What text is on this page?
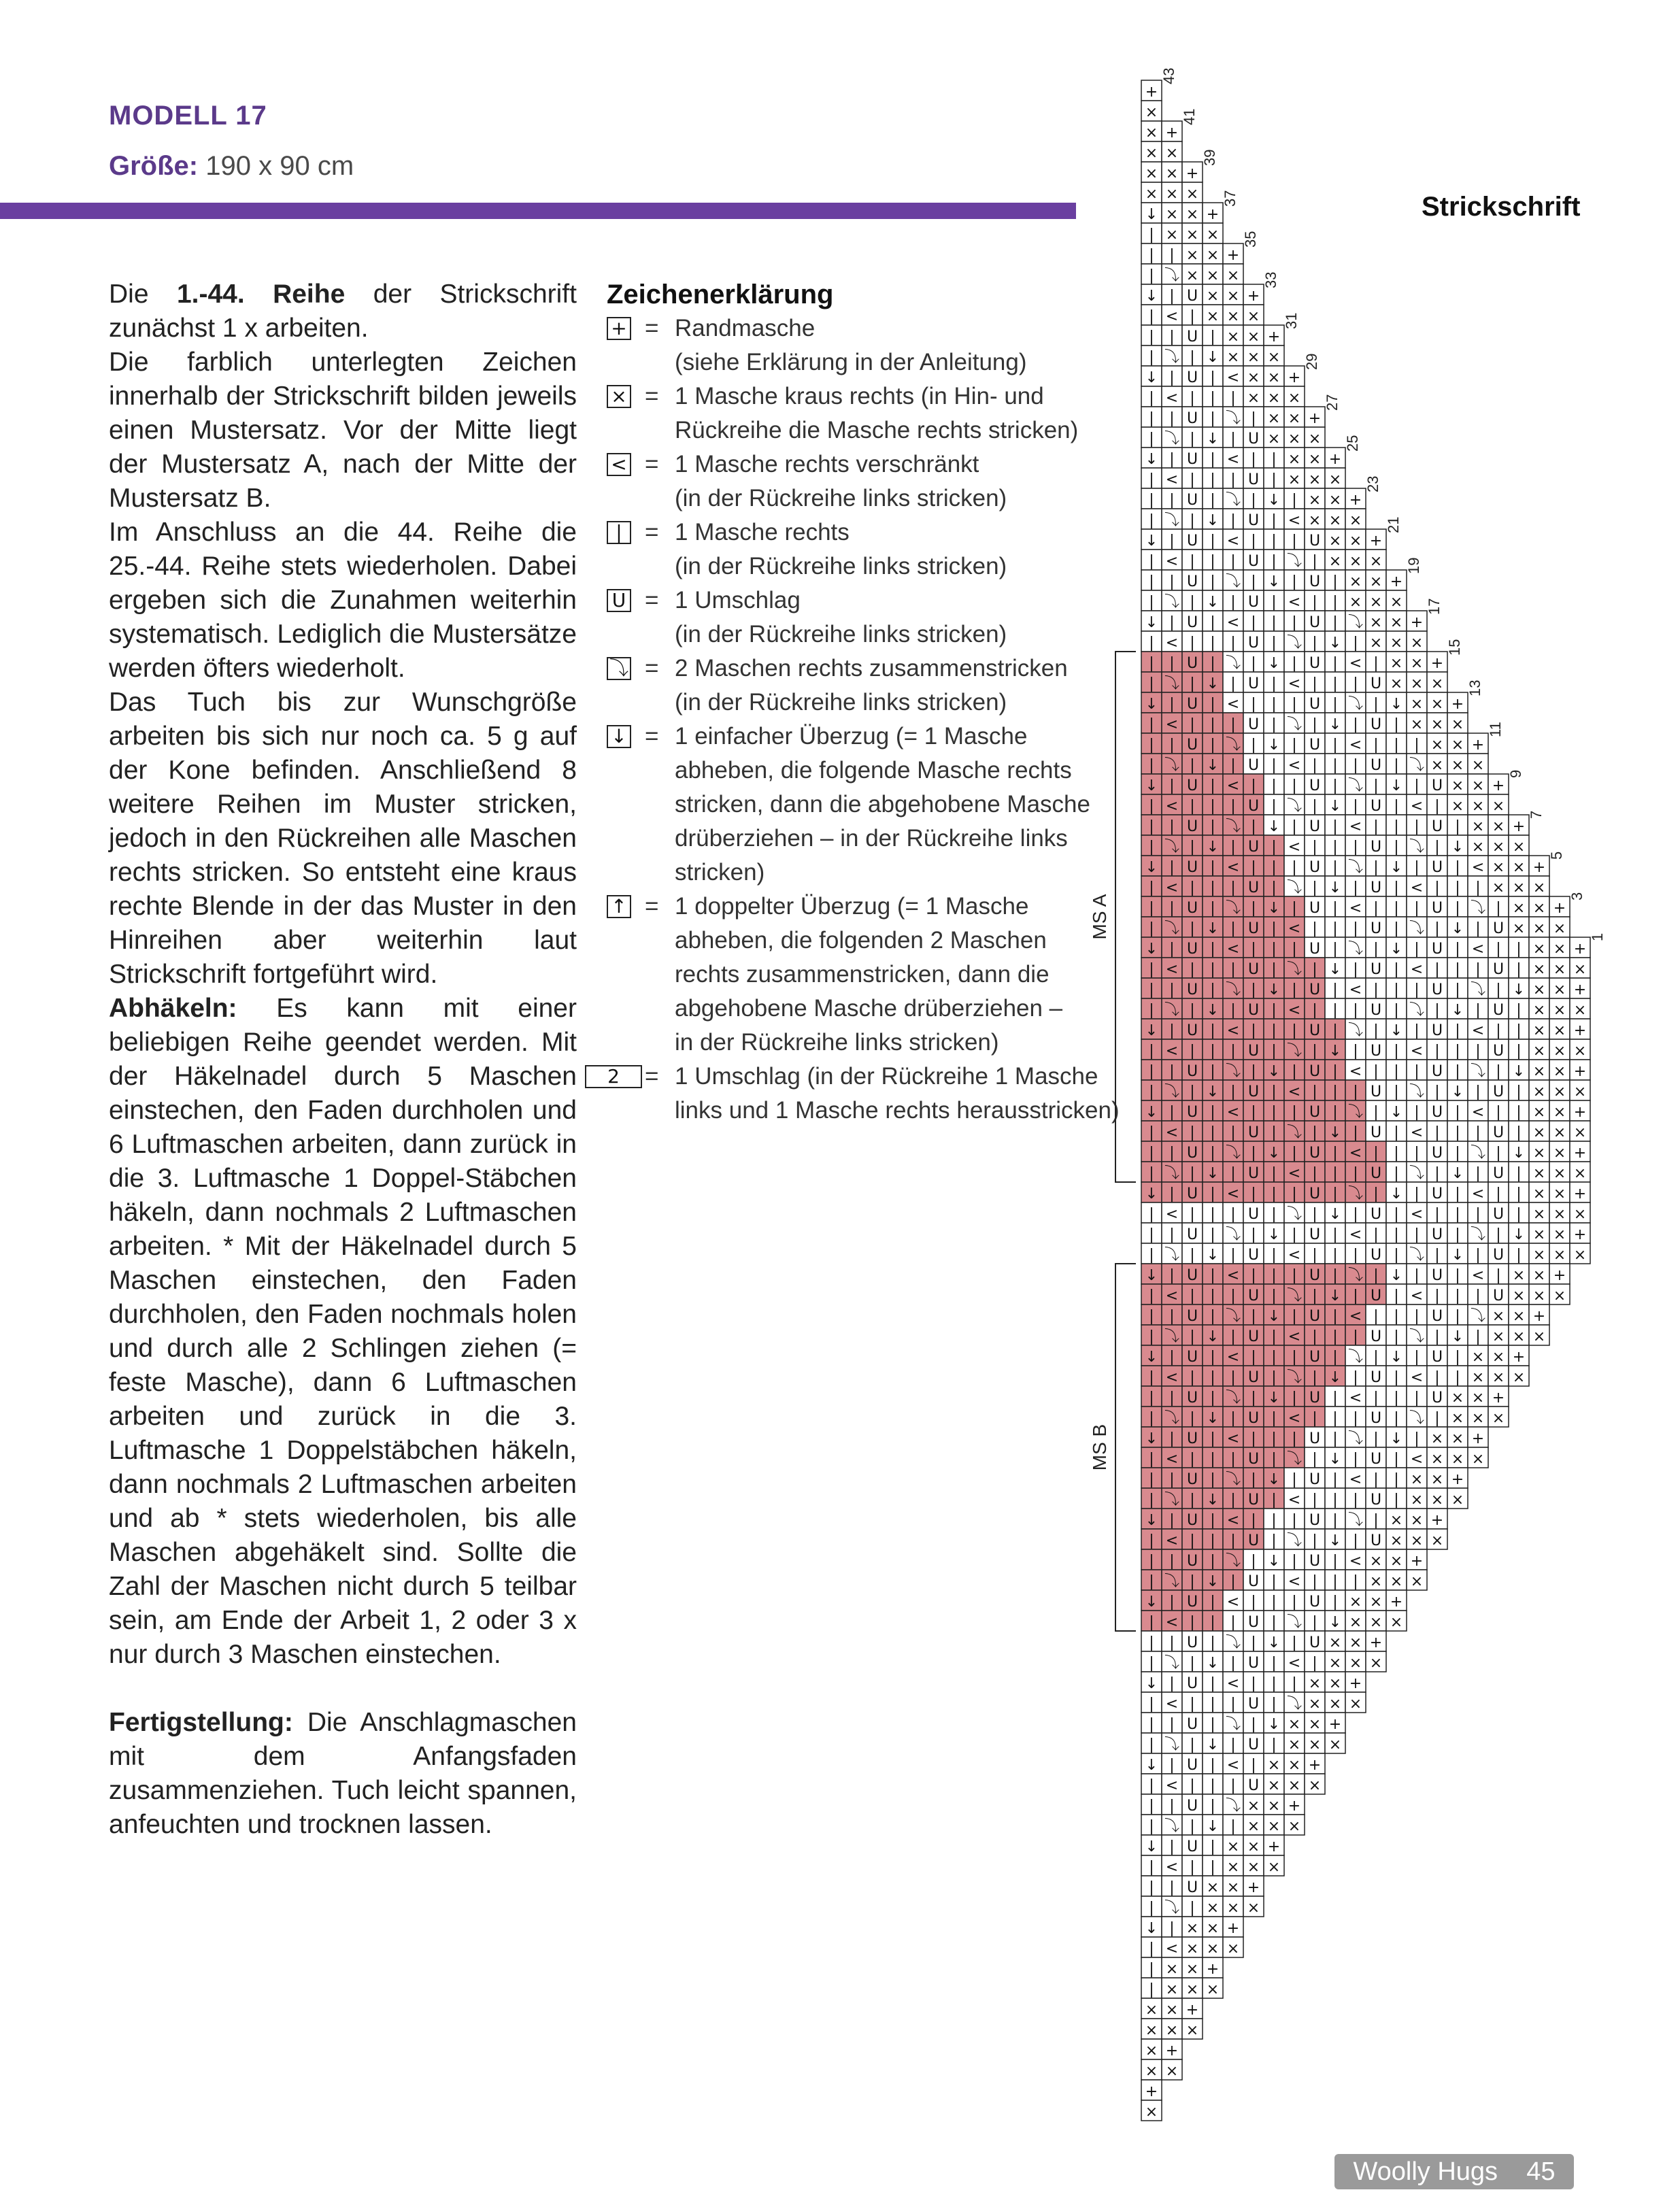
MODELL 17
Größe: 190 x 90 cm

Die 1.-44. Reihe der Strickschrift zunächst 1 x arbeiten.

Die farblich unterlegten Zeichen innerhalb der Strickschrift bilden jeweils einen Mustersatz. Vor der Mitte liegt der Mustersatz A, nach der Mitte der Mustersatz B.

Im Anschluss an die 44. Reihe die 25.-44. Reihe stets wiederholen. Dabei ergeben sich die Zunahmen weiterhin systematisch. Lediglich die Mustersätze werden öfters wiederholt.

Das Tuch bis zur Wunschgröße arbeiten bis sich nur noch ca. 5 g auf der Kone befinden. Anschließend 8 weitere Reihen im Muster stricken, jedoch in den Rückreihen alle Maschen rechts stricken. So entsteht eine kraus rechte Blende in der das Muster in den Hinreihen aber weiterhin laut Strickschrift fortgeführt wird.

Abhäkeln: Es kann mit einer beliebigen Reihe geendet werden. Mit der Häkelnadel durch 5 Maschen einstechen, den Faden durchholen und 6 Luftmaschen arbeiten, dann zurück in die 3. Luftmasche 1 Doppel-Stäbchen häkeln, dann nochmals 2 Luftmaschen arbeiten. * Mit der Häkelnadel durch 5 Maschen einstechen, den Faden durchholen, den Faden nochmals holen und durch alle 2 Schlingen ziehen (= feste Masche), dann 6 Luftmaschen arbeiten und zurück in die 3. Luftmasche 1 Doppelstäbchen häkeln, dann nochmals 2 Luftmaschen arbeiten und ab * stets wiederholen, bis alle Maschen abgehäkelt sind. Sollte die Zahl der Maschen nicht durch 5 teilbar sein, am Ende der Arbeit 1, 2 oder 3 x nur durch 3 Maschen einstechen.

Fertigstellung: Die Anschlagmaschen mit dem Anfangsfaden zusammenziehen. Tuch leicht spannen, anfeuchten und trocknen lassen.

Zeichenerklärung
+ = Randmasche
(siehe Erklärung in der Anleitung)
× = 1 Masche kraus rechts (in Hin- und
Rückreihe die Masche rechts stricken)
< = 1 Masche rechts verschränkt
(in der Rückreihe links stricken)
| = 1 Masche rechts
(in der Rückreihe links stricken)
U = 1 Umschlag
(in der Rückreihe links stricken)
⤵ = 2 Maschen rechts zusammenstricken
(in der Rückreihe links stricken)
↓ = 1 einfacher Überzug (= 1 Masche
abheben, die folgende Masche rechts
stricken, dann die abgehobene Masche
drüberziehen – in der Rückreihe links
stricken)
↑ = 1 doppelter Überzug (= 1 Masche
abheben, die folgenden 2 Maschen
rechts zusammenstricken, dann die
abgehobene Masche drüberziehen –
in der Rückreihe links stricken)
2	= 1 Umschlag (in der Rückreihe 1 Masche
links und 1 Masche rechts herausstricken)
Strickschrift
+
×
× +
× ×
× × +
× × ×
↓ × × +
| × × ×
| | × × +
| ⤵ × × ×
↓ | U × × +
| < | × × ×
| | U | × × +
| ⤵ | ↓ × × ×
↓ | U | < × × +
| < | | | × × ×
| | U | ⤵ | × × +
| ⤵ | ↓ | U × × ×
↓ | U | < | | × × +
| < | | | U | × × ×
| | U | ⤵ | ↓ | × × +
| ⤵ | ↓ | U | < × × ×
↓ | U | < | | | U × × +
| < | | | U | ⤵ | × × ×
| | U | ⤵ | ↓ | U | × × +
| ⤵ | ↓ | U | < | | × × ×
↓ | U | < | | | U | ⤵ × × +
| < | | | U | ⤵ | ↓ | × × ×
| | U | ⤵ | ↓ | U | < | × × +
| ⤵ | ↓ | U | < | | | U × × ×
↓ | U | < | | | U | ⤵ | ↓ × × +
| < | | | U | ⤵ | ↓ | U | × × ×
| | U | ⤵ | ↓ | U | < | | | × × +
| ⤵ | ↓ | U | < | | | U | ⤵ × × ×
↓ | U | < | | | U | ⤵ | ↓ | U × × +
| < | | | U | ⤵ | ↓ | U | < | × × ×
| | U | ⤵ | ↓ | U | < | | | U | × × +
| ⤵ | ↓ | U | < | | | U | ⤵ | ↓ × × ×
↓ | U | < | | | U | ⤵ | ↓ | U | < × × +
| < | | | U | ⤵ | ↓ | U | < | | | × × ×
| | U | ⤵ | ↓ | U | < | | | U | ⤵ | × × +
| ⤵ | ↓ | U | < | | | U | ⤵ | ↓ | U × × ×
↓ | U | < | | | U | ⤵ | ↓ | U | < | | × × +
| < | | | U | ⤵ | ↓ | U | < | | | U | × × ×
| | U | ⤵ | ↓ | U | < | | | U | ⤵ | ↓ × × +
| ⤵ | ↓ | U | < | | | U | ⤵ | ↓ | U | × × ×
↓ | U | < | | | U | ⤵ | ↓ | U | < | | × × +
| < | | | U | ⤵ | ↓ | U | < | | | U | × × ×
| | U | ⤵ | ↓ | U | < | | | U | ⤵ | ↓ × × +
| ⤵ | ↓ | U | < | | | U | ⤵ | ↓ | U | × × ×
↓ | U | < | | | U | ⤵ | ↓ | U | < | | × × +
| < | | | U | ⤵ | ↓ | U | < | | | U | × × ×
| | U | ⤵ | ↓ | U | < | | | U | ⤵ | ↓ × × +
| ⤵ | ↓ | U | < | | | U | ⤵ | ↓ | U | × × ×
↓ | U | < | | | U | ⤵ | ↓ | U | < | | × × +
| < | | | U | ⤵ | ↓ | U | < | | | U | × × ×
| | U | ⤵ | ↓ | U | < | | | U | ⤵ | ↓ × × +
| ⤵ | ↓ | U | < | | | U | ⤵ | ↓ | U | × × ×
↓ | U | < | | | U | ⤵ | ↓ | U | < | × × +
| < | | | U | ⤵ | ↓ | U | < | | | U × × ×
| | U | ⤵ | ↓ | U | < | | | U | ⤵ × × +
| ⤵ | ↓ | U | < | | | U | ⤵ | ↓ | × × ×
↓ | U | < | | | U | ⤵ | ↓ | U | × × +
| < | | | U | ⤵ | ↓ | U | < | | × × ×
| | U | ⤵ | ↓ | U | < | | | U × × +
| ⤵ | ↓ | U | < | | | U | ⤵ | × × ×
↓ | U | < | | | U | ⤵ | ↓ | × × +
| < | | | U | ⤵ | ↓ | U | < × × ×
| | U | ⤵ | ↓ | U | < | | × × +
| ⤵ | ↓ | U | < | | | U | × × ×
↓ | U | < | | | U | ⤵ | × × +
| < | | | U | ⤵ | ↓ | U × × ×
| | U | ⤵ | ↓ | U | < × × +
| ⤵ | ↓ | U | < | | | × × ×
↓ | U | < | | | U | × × +
| < | | | U | ⤵ | ↓ × × ×
| | U | ⤵ | ↓ | U × × +
| ⤵ | ↓ | U | < | × × ×
↓ | U | < | | | × × +
| < | | | U | ⤵ × × ×
| | U | ⤵ | ↓ × × +
| ⤵ | ↓ | U | × × ×
↓ | U | < | × × +
| < | | | U × × ×
| | U | ⤵ × × +
| ⤵ | ↓ | × × ×
↓ | U | × × +
| < | | × × ×
| | U × × +
| ⤵ | × × ×
↓ | × × +
| < × × ×
| × × +
| × × ×
× × +
× × ×
× +
× ×
+
×
43
41
39
37
35
33
31
29
27
25
23
21
19
17
15
13
11
9
7
5
3
1
MS A
MS B
Woolly Hugs 45
